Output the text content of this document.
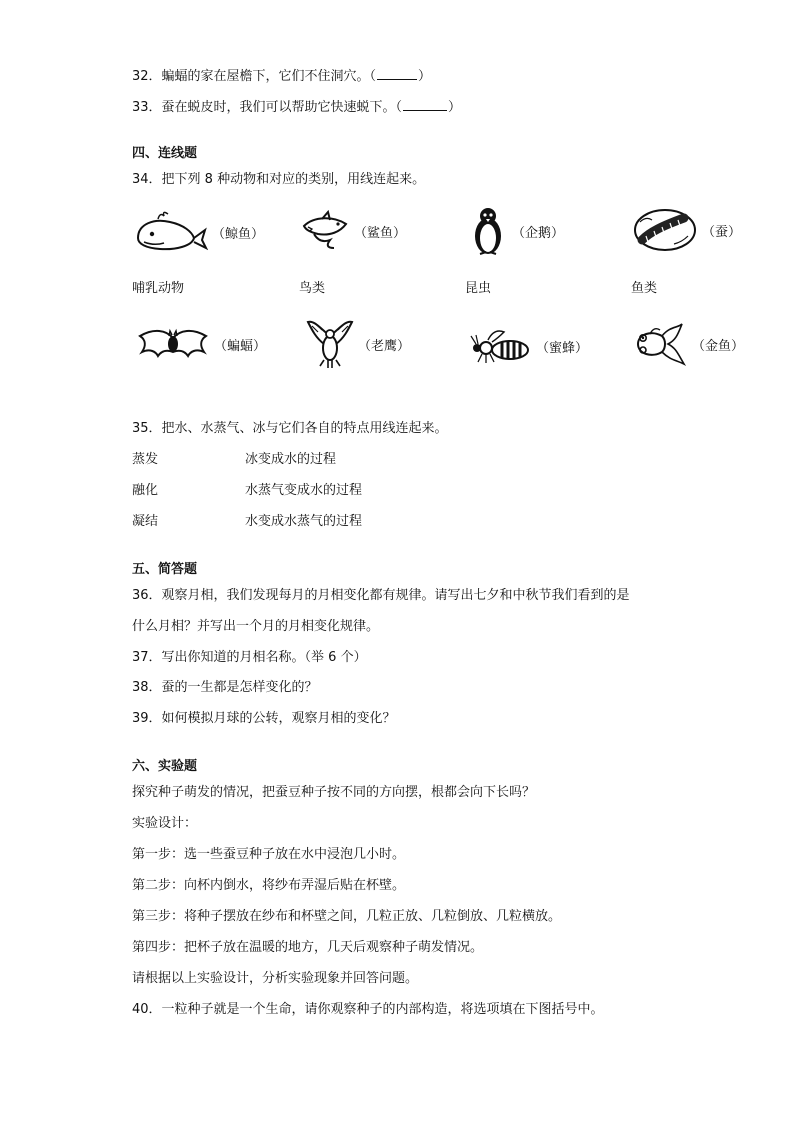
32．蝙蝠的家在屋檐下，它们不住洞穴。（	）
33．蚕在蜕皮时，我们可以帮助它快速蜕下。（	）
四、连线题
34．把下列 8 种动物和对应的类别，用线连起来。
（鲸鱼）	（鲨鱼）	（企鹅）	（蚕）
哺乳动物	鸟类	昆虫	鱼类
（蝙蝠）	（老鹰）	（蜜蜂）	（金鱼）
35．把水、水蒸气、冰与它们各自的特点用线连起来。
蒸发	冰变成水的过程
融化	水蒸气变成水的过程
凝结	水变成水蒸气的过程
五、简答题
36．观察月相，我们发现每月的月相变化都有规律。请写出七夕和中秋节我们看到的是
什么月相？并写出一个月的月相变化规律。
37．写出你知道的月相名称。（举 6 个）
38．蚕的一生都是怎样变化的？
39．如何模拟月球的公转，观察月相的变化？
六、实验题
探究种子萌发的情况，把蚕豆种子按不同的方向摆，根都会向下长吗？
实验设计：
第一步：选一些蚕豆种子放在水中浸泡几小时。
第二步：向杯内倒水，将纱布弄湿后贴在杯壁。
第三步：将种子摆放在纱布和杯壁之间，几粒正放、几粒倒放、几粒横放。
第四步：把杯子放在温暖的地方，几天后观察种子萌发情况。
请根据以上实验设计，分析实验现象并回答问题。
40．一粒种子就是一个生命，请你观察种子的内部构造，将选项填在下图括号中。
